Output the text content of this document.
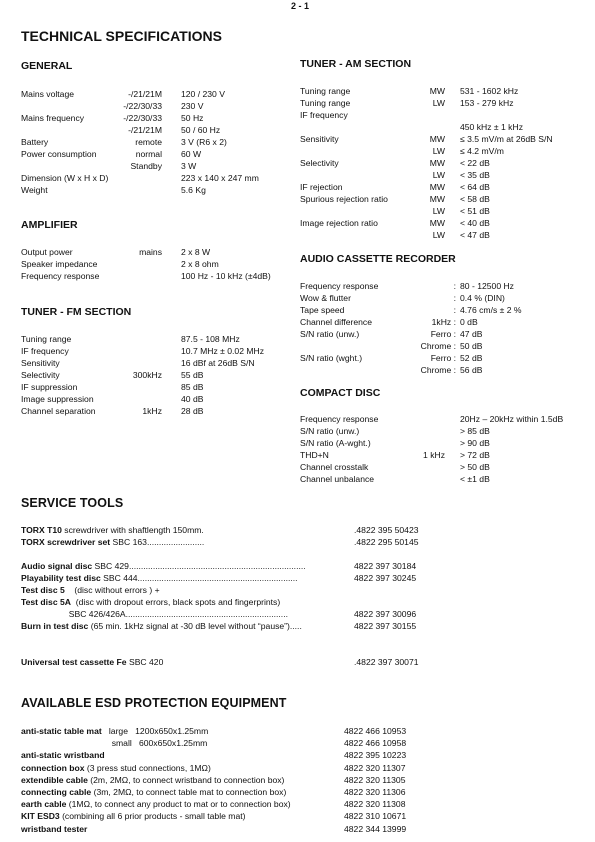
2 - 1
TECHNICAL SPECIFICATIONS
GENERAL
Mains voltage	-/21/21M 120 / 230 V
-/22/30/33 230 V
Mains frequency	-/22/30/33 50 Hz
-/21/21M 50 / 60 Hz
Battery	remote 3 V (R6 x 2)
Power consumption	normal 60 W
Standby 3 W
Dimension (W x H x D)	223 x 140 x 247 mm
Weight	5.6 Kg
AMPLIFIER
Output power	mains 2 x 8 W
Speaker impedance	2 x 8 ohm
Frequency response	100 Hz - 10 kHz (±4dB)
TUNER - FM SECTION
Tuning range	87.5 - 108 MHz
IF frequency	10.7 MHz ± 0.02 MHz
Sensitivity	16 dBf at 26dB S/N
Selectivity	300kHz 55 dB
IF suppression	85 dB
Image suppression	40 dB
Channel separation	1kHz 28 dB
TUNER - AM SECTION
Tuning range	MW 531 - 1602 kHz
Tuning range	LW 153 - 279 kHz
IF frequency
450 kHz ± 1 kHz
Sensitivity	MW ≤ 3.5 mV/m at 26dB S/N
LW ≤ 4.2 mV/m
Selectivity	MW < 22 dB
LW < 35 dB
IF rejection	MW < 64 dB
Spurious rejection ratio	MW < 58 dB
LW < 51 dB
Image rejection ratio	MW < 40 dB
LW < 47 dB
AUDIO CASSETTE RECORDER
Frequency response	: 80 - 12500 Hz
Wow & flutter	: 0.4 % (DIN)
Tape speed	: 4.76 cm/s ± 2 %
Channel difference	1kHz : 0 dB
S/N ratio (unw.)	Ferro : 47 dB
Chrome : 50 dB
S/N ratio (wght.)	Ferro : 52 dB
Chrome : 56 dB
COMPACT DISC
Frequency response	20Hz – 20kHz within 1.5dB
S/N ratio (unw.)	> 85 dB
S/N ratio (A-wght.)	> 90 dB
THD+N	1 kHz > 72 dB
Channel crosstalk	> 50 dB
Channel unbalance	< ±1 dB
SERVICE TOOLS
TORX T10 screwdriver with shaftlength 150mm.	.4822 395 50423
TORX screwdriver set SBC 163........................	.4822 295 50145
Audio signal disc SBC 429..........................................................................	4822 397 30184
Playability test disc SBC 444...................................................................	4822 397 30245
Test disc 5    (disc without errors ) +
Test disc 5A  (disc with dropout errors, black spots and fingerprints)
SBC 426/426A....................................................................	4822 397 30096
Burn in test disc (65 min. 1kHz signal at -30 dB level without “pause”).....	4822 397 30155
Universal test cassette Fe SBC 420	.4822 397 30071
AVAILABLE ESD PROTECTION EQUIPMENT
anti-static table mat   large   1200x650x1.25mm	4822 466 10953
small   600x650x1.25mm	4822 466 10958
anti-static wristband	4822 395 10223
connection box (3 press stud connections, 1MΩ)	4822 320 11307
extendible cable (2m, 2MΩ, to connect wristband to connection box)	4822 320 11305
connecting cable (3m, 2MΩ, to connect table mat to connection box)	4822 320 11306
earth cable (1MΩ, to connect any product to mat or to connection box)	4822 320 11308
KIT ESD3 (combining all 6 prior products - small table mat)	4822 310 10671
wristband tester	4822 344 13999
